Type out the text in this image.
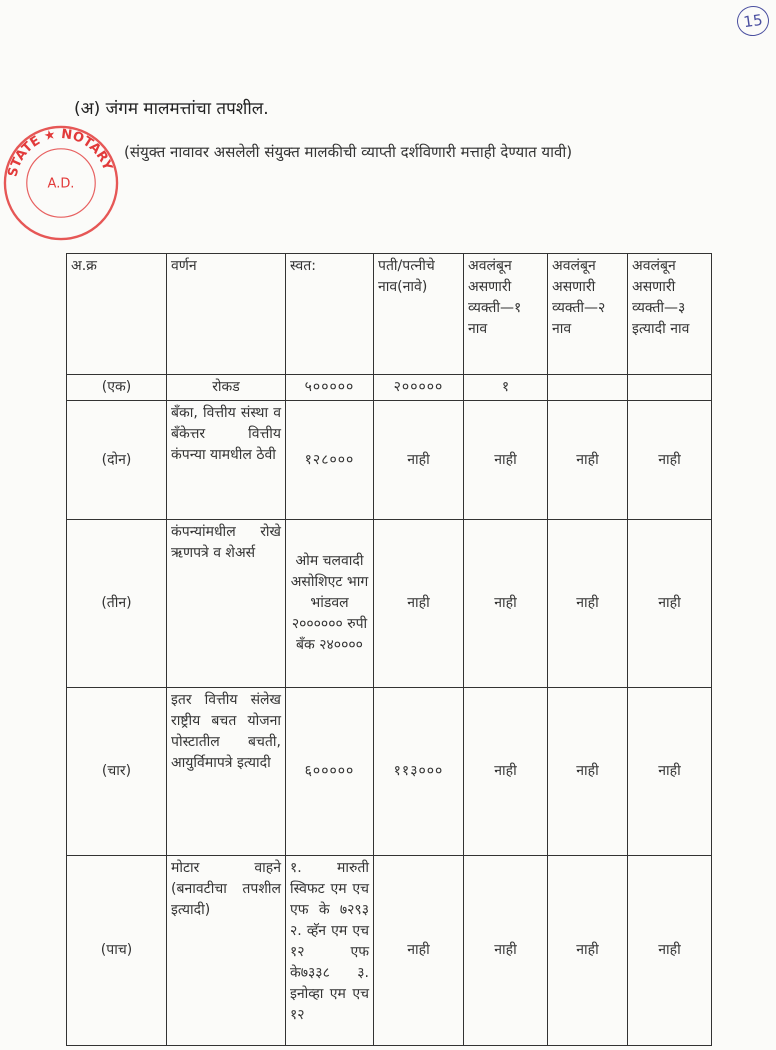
15
STATE ★ NOTARY
A.D.
(अ) जंगम मालमत्तांचा तपशील.
(संयुक्त नावावर असलेली संयुक्त मालकीची व्याप्ती दर्शविणारी मत्ताही देण्यात यावी)
अ.क्र	वर्णन	स्वत:	पती/पत्नीचे नाव(नावे)	अवलंबून असणारी व्यक्ती—१ नाव	अवलंबून असणारी व्यक्ती—२ नाव	अवलंबून असणारी व्यक्ती—३ इत्यादी नाव
(एक)	रोकड	५०००००	२०००००	१		
(दोन)	बँका, वित्तीय संस्था व बँकेत्तर वित्तीय कंपन्या यामधील ठेवी	१२८०००	नाही	नाही	नाही	नाही
(तीन)	कंपन्यांमधील रोखे ऋणपत्रे व शेअर्स	ओम चलवादी असोशिएट भाग भांडवल २०००००० रुपी बँक २४००००	नाही	नाही	नाही	नाही
(चार)	इतर वित्तीय संलेख राष्ट्रीय बचत योजना पोस्टातील बचती, आयुर्विमापत्रे इत्यादी	६०००००	११३०००	नाही	नाही	नाही
(पाच)	मोटार वाहने (बनावटीचा तपशील इत्यादी)	१. मारुती स्विफट एम एच एफ के ७२९३ २. व्हॅन एम एच १२ एफ के७३३८ ३. इनोव्हा एम एच १२	नाही	नाही	नाही	नाही
